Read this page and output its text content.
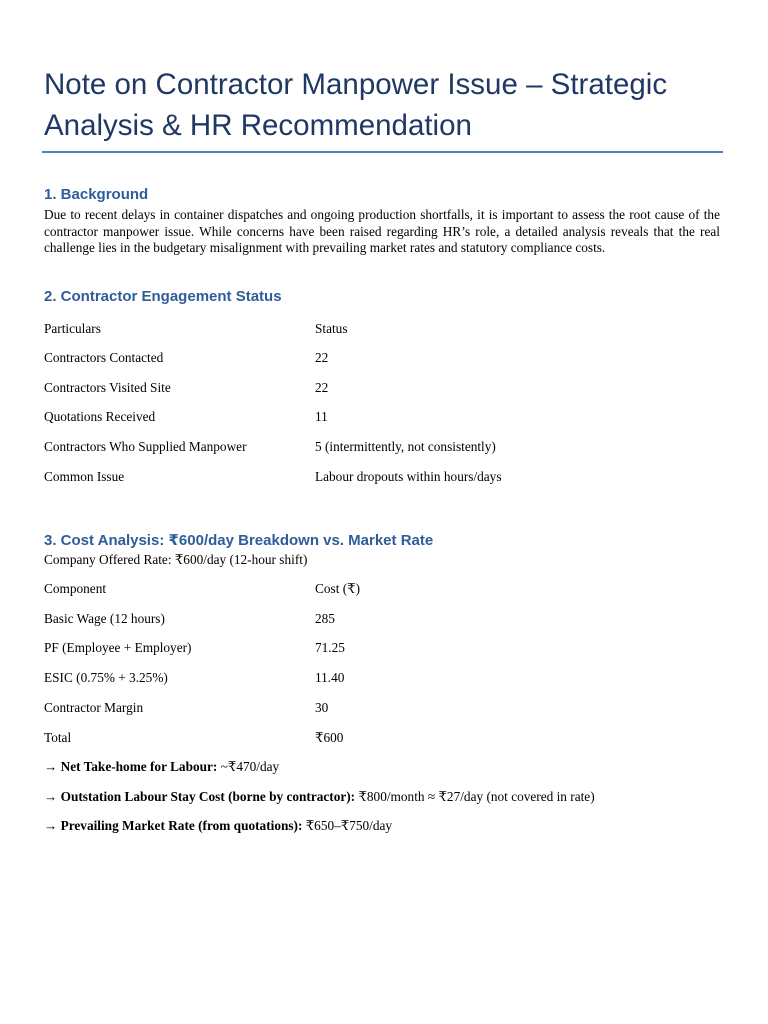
Note on Contractor Manpower Issue – Strategic Analysis & HR Recommendation
1. Background

Due to recent delays in container dispatches and ongoing production shortfalls, it is important to assess the root cause of the contractor manpower issue. While concerns have been raised regarding HR’s role, a detailed analysis reveals that the real challenge lies in the budgetary misalignment with prevailing market rates and statutory compliance costs.

2. Contractor Engagement Status
Particulars	Status
Contractors Contacted	22
Contractors Visited Site	22
Quotations Received	11
Contractors Who Supplied Manpower	5 (intermittently, not consistently)
Common Issue	Labour dropouts within hours/days
3. Cost Analysis: ₹600/day Breakdown vs. Market Rate
Company Offered Rate: ₹600/day (12-hour shift)
Component	Cost (₹)
Basic Wage (12 hours)	285
PF (Employee + Employer)	71.25
ESIC (0.75% + 3.25%)	11.40
Contractor Margin	30
Total	₹600
→ Net Take-home for Labour: ~₹470/day
→ Outstation Labour Stay Cost (borne by contractor): ₹800/month ≈ ₹27/day (not covered in rate)
→ Prevailing Market Rate (from quotations): ₹650–₹750/day
